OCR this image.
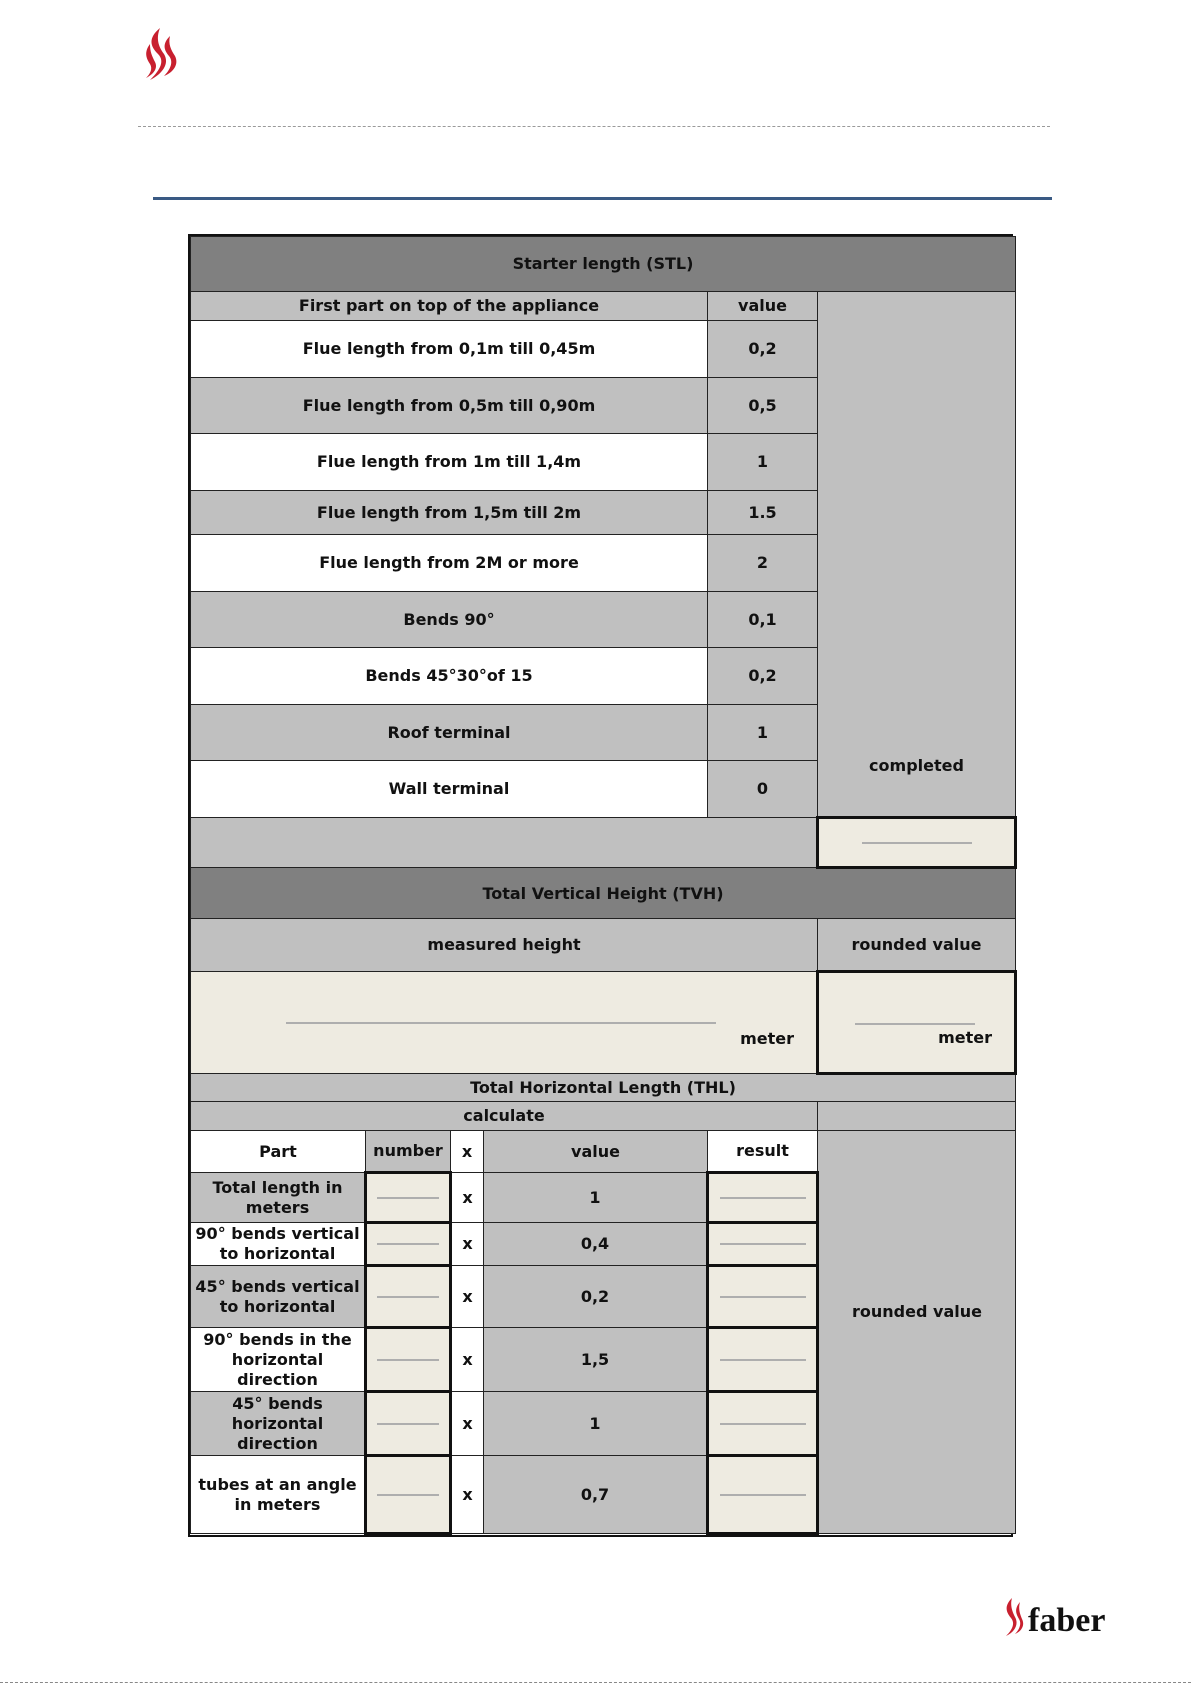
Starter length (STL)					
First part on top of the appliance				value	completed

Flue length from 0,1m till 0,45m				0,2	
Flue length from 0,5m till 0,90m				0,5	
Flue length from 1m till 1,4m				1	
Flue length from 1,5m till 2m				1.5	
Flue length from 2M or more				2	
Bends 90°				0,1	
Bends 45°30°of 15				0,2	
Roof terminal				1	
Wall terminal				0	

Total Vertical Height (TVH)					
measured height					rounded value

meter					meter

Total Horizontal Length (THL)					
calculate					
Part	number	x	value	result	rounded value

Total length in meters		x	1		

90° bends vertical to horizontal		x	0,4		

45° bends vertical to horizontal		x	0,2		

90° bends in the horizontal direction		x	1,5		

45° bends horizontal direction		x	1		

tubes at an angle in meters		x	0,7		
faber
